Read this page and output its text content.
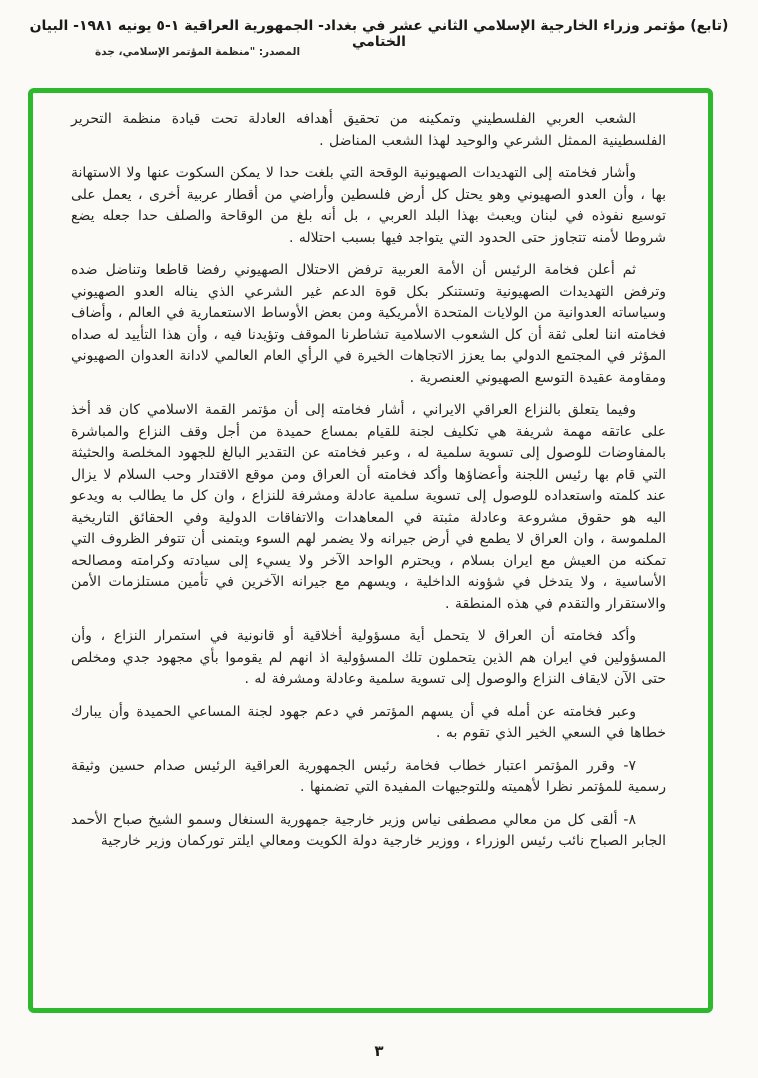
(تابع) مؤتمر وزراء الخارجية الإسلامي الثاني عشر في بغداد- الجمهورية العراقية ١-٥ يونيه ١٩٨١- البيان الختامي
المصدر: "منظمة المؤتمر الإسلامي، جدة

الشعب العربي الفلسطيني وتمكينه من تحقيق أهدافه العادلة تحت قيادة منظمة التحرير الفلسطينية الممثل الشرعي والوحيد لهذا الشعب المناضل .

وأشار فخامته إلى التهديدات الصهيونية الوقحة التي بلغت حدا لا يمكن السكوت عنها ولا الاستهانة بها ، وأن العدو الصهيوني وهو يحتل كل أرض فلسطين وأراضي من أقطار عربية أخرى ، يعمل على توسيع نفوذه في لبنان ويعبث بهذا البلد العربي ، بل أنه بلغ من الوقاحة والصلف حدا جعله يضع شروطا لأمنه تتجاوز حتى الحدود التي يتواجد فيها بسبب احتلاله .

ثم أعلن فخامة الرئيس أن الأمة العربية ترفض الاحتلال الصهيوني رفضا قاطعا وتناضل ضده وترفض التهديدات الصهيونية وتستنكر بكل قوة الدعم غير الشرعي الذي يناله العدو الصهيوني وسياساته العدوانية من الولايات المتحدة الأمريكية ومن بعض الأوساط الاستعمارية في العالم ، وأضاف فخامته اننا لعلى ثقة أن كل الشعوب الاسلامية تشاطرنا الموقف وتؤيدنا فيه ، وأن هذا التأييد له صداه المؤثر في المجتمع الدولي بما يعزز الاتجاهات الخيرة في الرأي العام العالمي لادانة العدوان الصهيوني ومقاومة عقيدة التوسع الصهيوني العنصرية .

وفيما يتعلق بالنزاع العراقي الايراني ، أشار فخامته إلى أن مؤتمر القمة الاسلامي كان قد أخذ على عاتقه مهمة شريفة هي تكليف لجنة للقيام بمساع حميدة من أجل وقف النزاع والمباشرة بالمفاوضات للوصول إلى تسوية سلمية له ، وعبر فخامته عن التقدير البالغ للجهود المخلصة والحثيثة التي قام بها رئيس اللجنة وأعضاؤها وأكد فخامته أن العراق ومن موقع الاقتدار وحب السلام لا يزال عند كلمته واستعداده للوصول إلى تسوية سلمية عادلة ومشرفة للنزاع ، وان كل ما يطالب به ويدعو اليه هو حقوق مشروعة وعادلة مثبتة في المعاهدات والاتفاقات الدولية وفي الحقائق التاريخية الملموسة ، وان العراق لا يطمع في أرض جيرانه ولا يضمر لهم السوء ويتمنى أن تتوفر الظروف التي تمكنه من العيش مع ايران بسلام ، ويحترم الواحد الآخر ولا يسيء إلى سيادته وكرامته ومصالحه الأساسية ، ولا يتدخل في شؤونه الداخلية ، ويسهم مع جيرانه الآخرين في تأمين مستلزمات الأمن والاستقرار والتقدم في هذه المنطقة .

وأكد فخامته أن العراق لا يتحمل أية مسؤولية أخلاقية أو قانونية في استمرار النزاع ، وأن المسؤولين في ايران هم الذين يتحملون تلك المسؤولية اذ انهم لم يقوموا بأي مجهود جدي ومخلص حتى الآن لايقاف النزاع والوصول إلى تسوية سلمية وعادلة ومشرفة له .

وعبر فخامته عن أمله في أن يسهم المؤتمر في دعم جهود لجنة المساعي الحميدة وأن يبارك خطاها في السعي الخير الذي تقوم به .

٧- وقرر المؤتمر اعتبار خطاب فخامة رئيس الجمهورية العراقية الرئيس صدام حسين وثيقة رسمية للمؤتمر نظرا لأهميته وللتوجيهات المفيدة التي تضمنها .

٨- ألقى كل من معالي مصطفى نياس وزير خارجية جمهورية السنغال وسمو الشيخ صباح الأحمد الجابر الصباح نائب رئيس الوزراء ، ووزير خارجية دولة الكويت ومعالي ايلتر توركمان وزير خارجية

٣
